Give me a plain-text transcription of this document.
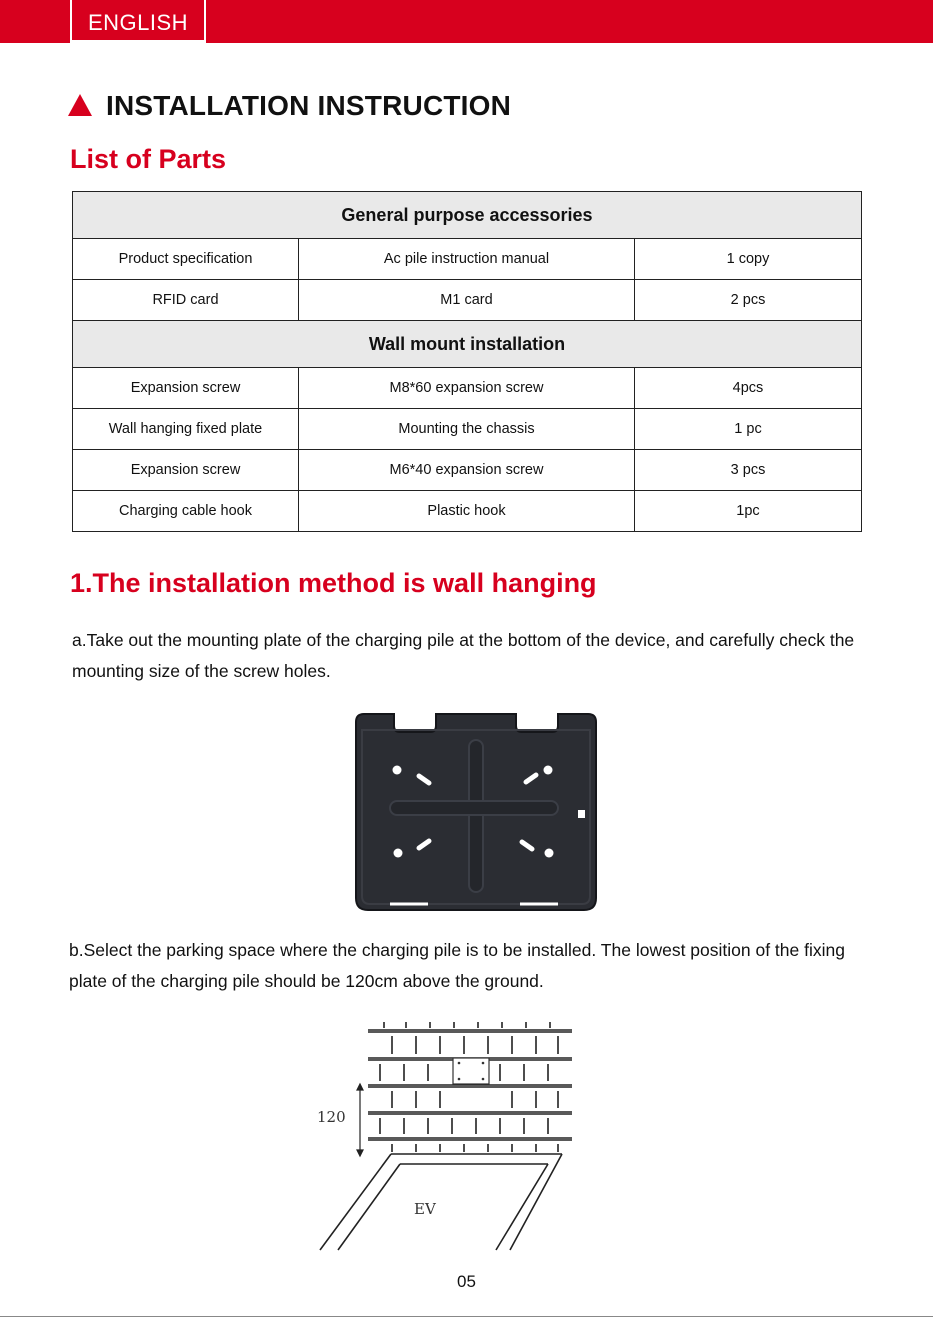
ENGLISH
INSTALLATION INSTRUCTION
List of Parts
General purpose accessories		
Product specification	Ac pile instruction manual	1 copy
RFID card	M1 card	2 pcs
Wall mount installation		
Expansion screw	M8*60 expansion screw	4pcs
Wall hanging fixed plate	Mounting the chassis	1 pc
Expansion screw	M6*40 expansion screw	3 pcs
Charging cable hook	Plastic hook	1pc
1.The installation method is wall hanging
a.Take out the mounting plate of the charging pile at the bottom of the device, and carefully check the mounting size of the screw holes.
b.Select the parking space where the charging pile is to be installed. The lowest position of the fixing plate of the charging pile should be 120cm above the ground.
120
EV
05
